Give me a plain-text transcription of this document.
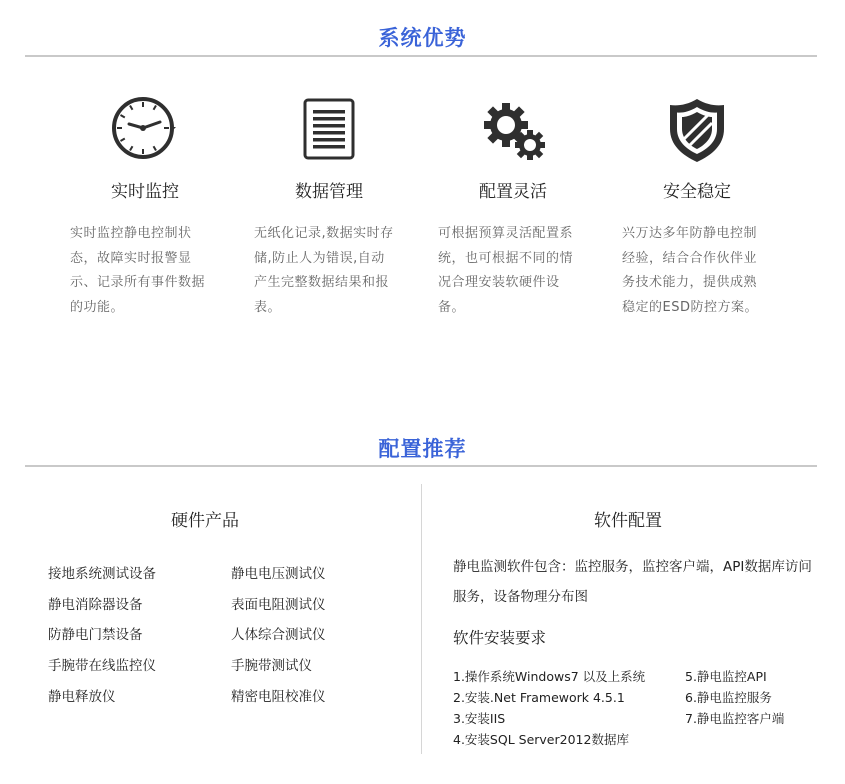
系统优势
实时监控
实时监控静电控制状态，故障实时报警显示、记录所有事件数据的功能。
数据管理
无纸化记录,数据实时存储,防止人为错误,自动产生完整数据结果和报表。
配置灵活
可根据预算灵活配置系统，也可根据不同的情况合理安装软硬件设备。
安全稳定
兴万达多年防静电控制经验，结合合作伙伴业务技术能力，提供成熟稳定的ESD防控方案。
配置推荐
硬件产品	软件配置
接地系统测试设备
静电消除器设备
防静电门禁设备
手腕带在线监控仪
静电释放仪
静电电压测试仪
表面电阻测试仪
人体综合测试仪
手腕带测试仪
精密电阻校准仪
静电监测软件包含：监控服务，监控客户端，API数据库访问服务，设备物理分布图
软件安装要求
1.操作系统Windows7 以及上系统
2.安装.Net Framework 4.5.1
3.安装IIS
4.安装SQL Server2012数据库
5.静电监控API
6.静电监控服务
7.静电监控客户端
